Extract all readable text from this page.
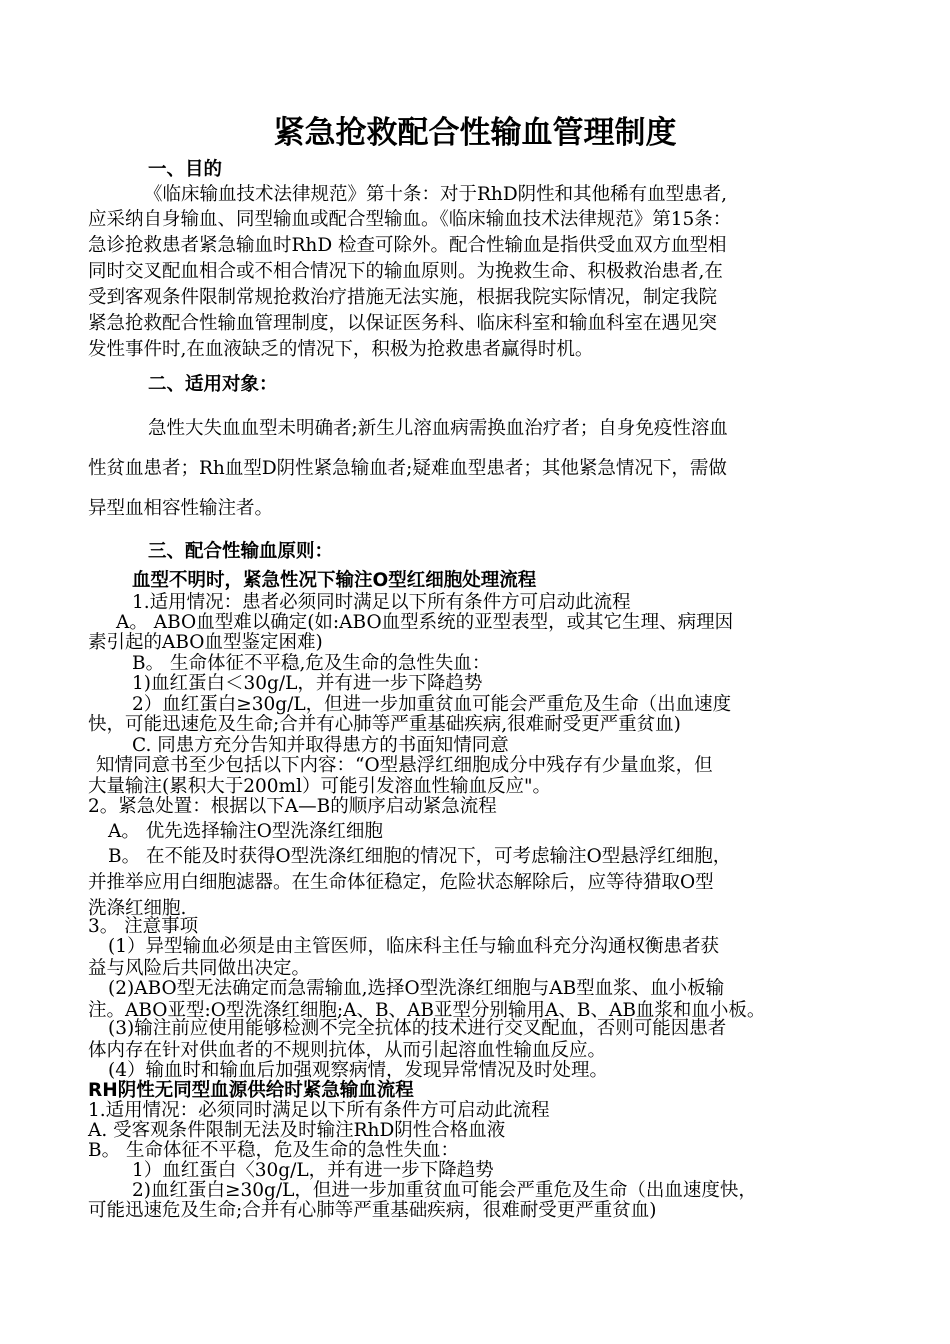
紧急抢救配合性输血管理制度
一、目的
《临床输血技术法律规范》第十条：对于RhD阴性和其他稀有血型患者,
应采纳自身输血、同型输血或配合型输血。《临床输血技术法律规范》第15条：
急诊抢救患者紧急输血时RhD 检查可除外。配合性输血是指供受血双方血型相
同时交叉配血相合或不相合情况下的输血原则。为挽救生命、积极救治患者,在
受到客观条件限制常规抢救治疗措施无法实施，根据我院实际情况，制定我院
紧急抢救配合性输血管理制度，以保证医务科、临床科室和输血科室在遇见突
发性事件时,在血液缺乏的情况下，积极为抢救患者赢得时机。
二、适用对象：
急性大失血血型未明确者;新生儿溶血病需换血治疗者；自身免疫性溶血
性贫血患者；Rh血型D阴性紧急输血者;疑难血型患者；其他紧急情况下，需做
异型血相容性输注者。
三、配合性输血原则：
血型不明时，紧急性况下输注O型红细胞处理流程
1.适用情况：患者必须同时满足以下所有条件方可启动此流程
A。 ABO血型难以确定(如:ABO血型系统的亚型表型，或其它生理、病理因
素引起的ABO血型鉴定困难)
B。 生命体征不平稳,危及生命的急性失血：
1)血红蛋白＜30g/L，并有进一步下降趋势
2）血红蛋白≥30g/L，但进一步加重贫血可能会严重危及生命（出血速度
快，可能迅速危及生命;合并有心肺等严重基础疾病,很难耐受更严重贫血)
C. 同患方充分告知并取得患方的书面知情同意
知情同意书至少包括以下内容：“O型悬浮红细胞成分中残存有少量血浆，但
大量输注(累积大于200ml）可能引发溶血性输血反应"。
2。紧急处置：根据以下A—B的顺序启动紧急流程
A。 优先选择输注O型洗涤红细胞
B。 在不能及时获得O型洗涤红细胞的情况下，可考虑输注O型悬浮红细胞，
并推举应用白细胞滤器。在生命体征稳定，危险状态解除后，应等待猎取O型
洗涤红细胞.
3。 注意事项
(1）异型输血必须是由主管医师，临床科主任与输血科充分沟通权衡患者获
益与风险后共同做出决定。
(2)ABO型无法确定而急需输血,选择O型洗涤红细胞与AB型血浆、血小板输
注。ABO亚型:O型洗涤红细胞;A、B、AB亚型分别输用A、B、AB血浆和血小板。
(3)输注前应使用能够检测不完全抗体的技术进行交叉配血，否则可能因患者
体内存在针对供血者的不规则抗体，从而引起溶血性输血反应。
(4）输血时和输血后加强观察病情，发现异常情况及时处理。
RH阴性无同型血源供给时紧急输血流程
1.适用情况：必须同时满足以下所有条件方可启动此流程
A. 受客观条件限制无法及时输注RhD阴性合格血液
B。 生命体征不平稳，危及生命的急性失血：
1）血红蛋白〈30g/L，并有进一步下降趋势
2)血红蛋白≥30g/L，但进一步加重贫血可能会严重危及生命（出血速度快，
可能迅速危及生命;合并有心肺等严重基础疾病，很难耐受更严重贫血)
